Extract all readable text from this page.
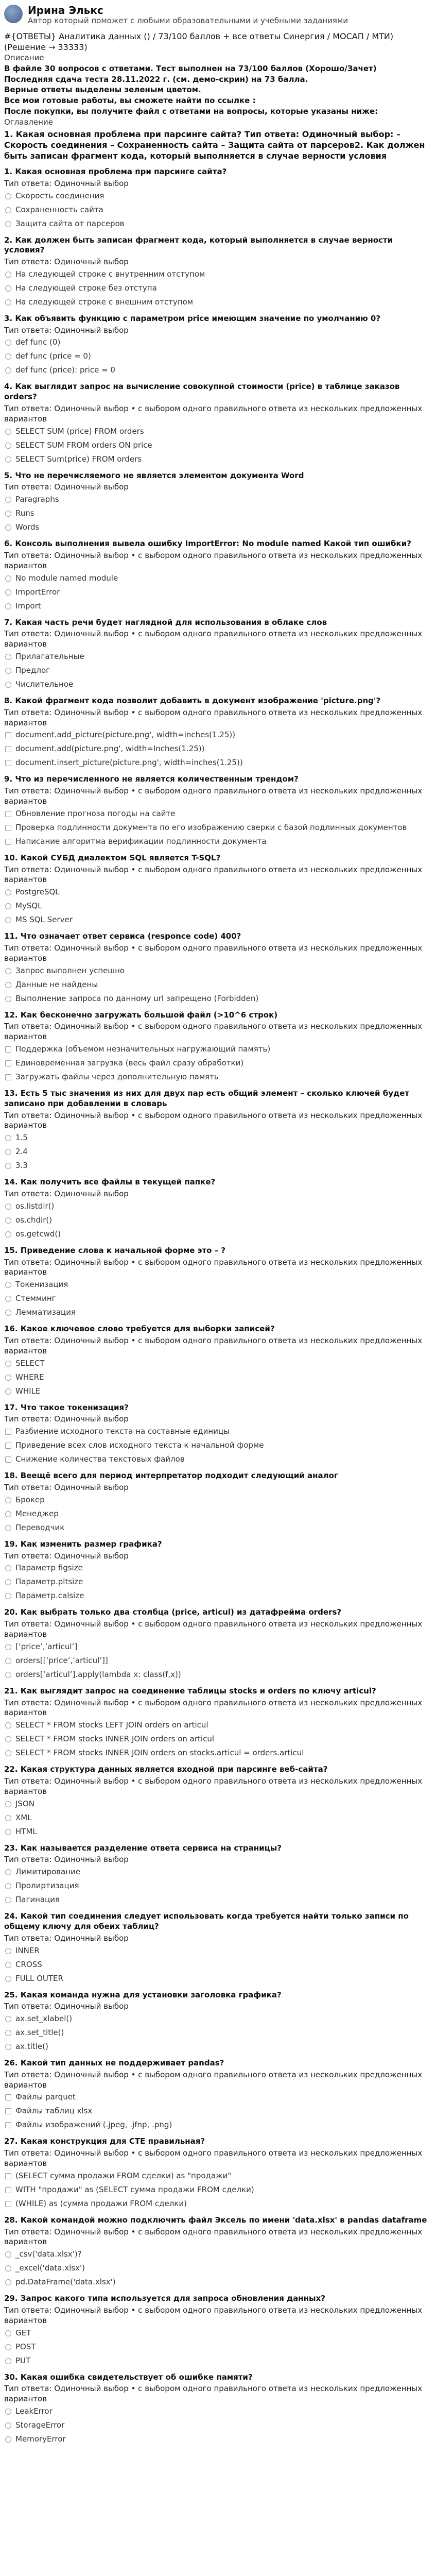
Ирина Элькс
Автор который поможет с любыми образовательными и учебными заданиями
#{ОТВЕТЫ} Аналитика данных () / 73/100 баллов + все ответы Синергия / МОСАП / МТИ) (Решение → 33333)
Описание
В файле 30 вопросов с ответами. Тест выполнен на 73/100 баллов (Хорошо/Зачет)
Последняя сдача теста 28.11.2022 г. (см. демо-скрин) на 73 балла.
Верные ответы выделены зеленым цветом.
Все мои готовые работы, вы сможете найти по ссылке :
После покупки, вы получите файл с ответами на вопросы, которые указаны ниже:
Оглавление
1. Какая основная проблема при парсинге сайта? Тип ответа: Одиночный выбор: – Скорость соединения – Сохраненность сайта – Защита сайта от парсеров2. Как должен быть записан фрагмент кода, который выполняется в случае верности условия
1. Какая основная проблема при парсинге сайта?
Тип ответа: Одиночный выбор
Скорость соединения
Сохраненность сайта
Защита сайта от парсеров
2. Как должен быть записан фрагмент кода, который выполняется в случае верности условия?
Тип ответа: Одиночный выбор
На следующей строке с внутренним отступом
На следующей строке без отступа
На следующей строке с внешним отступом
3. Как объявить функцию с параметром price имеющим значение по умолчанию 0?
Тип ответа: Одиночный выбор
def func (0)
def func (price = 0)
def func (price): price = 0
4. Как выглядит запрос на вычисление совокупной стоимости (price) в таблице заказов orders?
Тип ответа: Одиночный выбор • с выбором одного правильного ответа из нескольких предложенных вариантов
SELECT SUM (price) FROM orders
SELECT SUM FROM orders ON price
SELECT Sum(price) FROM orders
5. Что не перечисляемого не является элементом документа Word
Тип ответа: Одиночный выбор
Paragraphs
Runs
Words
6. Консоль выполнения вывела ошибку ImportError: No module named Какой тип ошибки?
Тип ответа: Одиночный выбор • с выбором одного правильного ответа из нескольких предложенных вариантов
No module named module
ImportError
Import
7. Какая часть речи будет наглядной для использования в облаке слов
Тип ответа: Одиночный выбор • с выбором одного правильного ответа из нескольких предложенных вариантов
Прилагательные
Предлог
Числительное
8. Какой фрагмент кода позволит добавить в документ изображение 'picture.png'?
Тип ответа: Одиночный выбор • с выбором одного правильного ответа из нескольких предложенных вариантов
document.add_picture(picture.png', width=inches(1.25))
document.add(picture.png', width=Inches(1.25))
document.insert_picture(picture.png', width=inches(1.25))
9. Что из перечисленного не является количественным трендом?
Тип ответа: Одиночный выбор • с выбором одного правильного ответа из нескольких предложенных вариантов
Обновление прогноза погоды на сайте
Проверка подлинности документа по его изображению сверки с базой подлинных документов
Написание алгоритма верификации подлинности документа
10. Какой СУБД диалектом SQL является T-SQL?
Тип ответа: Одиночный выбор • с выбором одного правильного ответа из нескольких предложенных вариантов
PostgreSQL
MySQL
MS SQL Server
11. Что означает ответ сервиса (responce code) 400?
Тип ответа: Одиночный выбор • с выбором одного правильного ответа из нескольких предложенных вариантов
Запрос выполнен успешно
Данные не найдены
Выполнение запроса по данному url запрещено (Forbidden)
12. Как бесконечно загружать большой файл (>10^6 строк)
Тип ответа: Одиночный выбор • с выбором одного правильного ответа из нескольких предложенных вариантов
Поддержка (объемом незначительных нагружающий память)
Единовременная загрузка (весь файл сразу обработки)
Загружать файлы через дополнительную память
13. Есть 5 тыс значения из них для двух пар есть общий элемент – сколько ключей будет записано при добавлении в словарь
Тип ответа: Одиночный выбор • с выбором одного правильного ответа из нескольких предложенных вариантов
1.5
2.4
3.3
14. Как получить все файлы в текущей папке?
Тип ответа: Одиночный выбор
os.listdir()
os.chdir()
os.getcwd()
15. Приведение слова к начальной форме это – ?
Тип ответа: Одиночный выбор • с выбором одного правильного ответа из нескольких предложенных вариантов
Токенизация
Стемминг
Лемматизация
16. Какое ключевое слово требуется для выборки записей?
Тип ответа: Одиночный выбор • с выбором одного правильного ответа из нескольких предложенных вариантов
SELECT
WHERE
WHILE
17. Что такое токенизация?
Тип ответа: Одиночный выбор
Разбиение исходного текста на составные единицы
Приведение всех слов исходного текста к начальной форме
Снижение количества текстовых файлов
18. Веещё всего для период интерпретатор подходит следующий аналог
Тип ответа: Одиночный выбор
Брокер
Менеджер
Переводчик
19. Как изменить размер графика?
Тип ответа: Одиночный выбор
Параметр figsize
Параметр.pltsize
Параметр.calsize
20. Как выбрать только два столбца (price, articul) из датафрейма orders?
Тип ответа: Одиночный выбор • с выбором одного правильного ответа из нескольких предложенных вариантов
[‘price’,’articul’]
orders[[‘price’,’articul’]]
orders[‘articul’].apply(lambda x: class(f,x))
21. Как выглядит запрос на соединение таблицы stocks и orders по ключу articul?
Тип ответа: Одиночный выбор • с выбором одного правильного ответа из нескольких предложенных вариантов
SELECT * FROM stocks LEFT JOIN orders on articul
SELECT * FROM stocks INNER JOIN orders on articul
SELECT * FROM stocks INNER JOIN orders on stocks.articul = orders.articul
22. Какая структура данных является входной при парсинге веб-сайта?
Тип ответа: Одиночный выбор • с выбором одного правильного ответа из нескольких предложенных вариантов
JSON
XML
HTML
23. Как называется разделение ответа сервиса на страницы?
Тип ответа: Одиночный выбор
Лимитирование
Пролиртизация
Пагинация
24. Какой тип соединения следует использовать когда требуется найти только записи по общему ключу для обеих таблиц?
Тип ответа: Одиночный выбор
INNER
CROSS
FULL OUTER
25. Какая команда нужна для установки заголовка графика?
Тип ответа: Одиночный выбор
ax.set_xlabel()
ax.set_title()
ax.title()
26. Какой тип данных не поддерживает pandas?
Тип ответа: Одиночный выбор • с выбором одного правильного ответа из нескольких предложенных вариантов
Файлы parquet
Файлы таблиц xlsx
Файлы изображений (.jpeg, .jfnp, .png)
27. Какая конструкция для CTE правильная?
Тип ответа: Одиночный выбор • с выбором одного правильного ответа из нескольких предложенных вариантов
(SELECT сумма продажи FROM сделки) as "продажи"
WITH "продажи" as (SELECT сумма продажи FROM сделки)
(WHILE) as (сумма продажи FROM сделки)
28. Какой командой можно подключить файл Эксель по имени 'data.xlsx' в pandas dataframe
Тип ответа: Одиночный выбор • с выбором одного правильного ответа из нескольких предложенных вариантов
_csv('data.xlsx')?
_excel('data.xlsx')
pd.DataFrame('data.xlsx')
29. Запрос какого типа используется для запроса обновления данных?
Тип ответа: Одиночный выбор • с выбором одного правильного ответа из нескольких предложенных вариантов
GET
POST
PUT
30. Какая ошибка свидетельствует об ошибке памяти?
Тип ответа: Одиночный выбор • с выбором одного правильного ответа из нескольких предложенных вариантов
LeakError
StorageError
MemoryError
